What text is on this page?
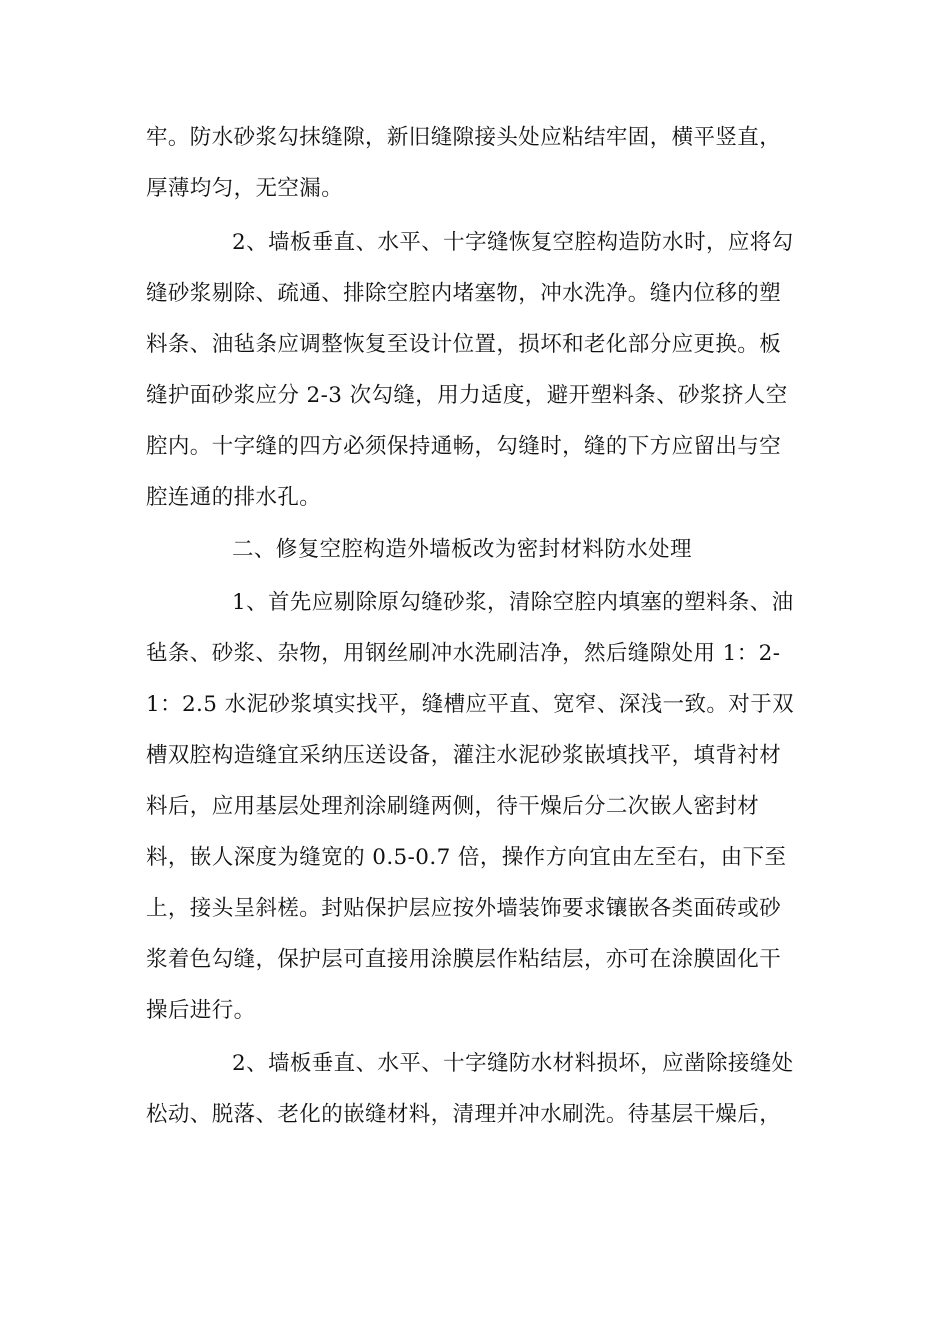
牢。防水砂浆勾抹缝隙，新旧缝隙接头处应粘结牢固，横平竖直，
厚薄均匀，无空漏。
2、墙板垂直、水平、十字缝恢复空腔构造防水时，应将勾
缝砂浆剔除、疏通、排除空腔内堵塞物，冲水洗净。缝内位移的塑
料条、油毡条应调整恢复至设计位置，损坏和老化部分应更换。板
缝护面砂浆应分 2-3 次勾缝，用力适度，避开塑料条、砂浆挤人空
腔内。十字缝的四方必须保持通畅，勾缝时，缝的下方应留出与空
腔连通的排水孔。
二、修复空腔构造外墙板改为密封材料防水处理
1、首先应剔除原勾缝砂浆，清除空腔内填塞的塑料条、油
毡条、砂浆、杂物，用钢丝刷冲水洗刷洁净，然后缝隙处用 1：2-
1：2.5 水泥砂浆填实找平，缝槽应平直、宽窄、深浅一致。对于双
槽双腔构造缝宜采纳压送设备，灌注水泥砂浆嵌填找平，填背衬材
料后，应用基层处理剂涂刷缝两侧，待干燥后分二次嵌人密封材
料，嵌人深度为缝宽的 0.5-0.7 倍，操作方向宜由左至右，由下至
上，接头呈斜槎。封贴保护层应按外墙装饰要求镶嵌各类面砖或砂
浆着色勾缝，保护层可直接用涂膜层作粘结层，亦可在涂膜固化干
操后进行。
2、墙板垂直、水平、十字缝防水材料损坏，应凿除接缝处
松动、脱落、老化的嵌缝材料，清理并冲水刷洗。待基层干燥后，
